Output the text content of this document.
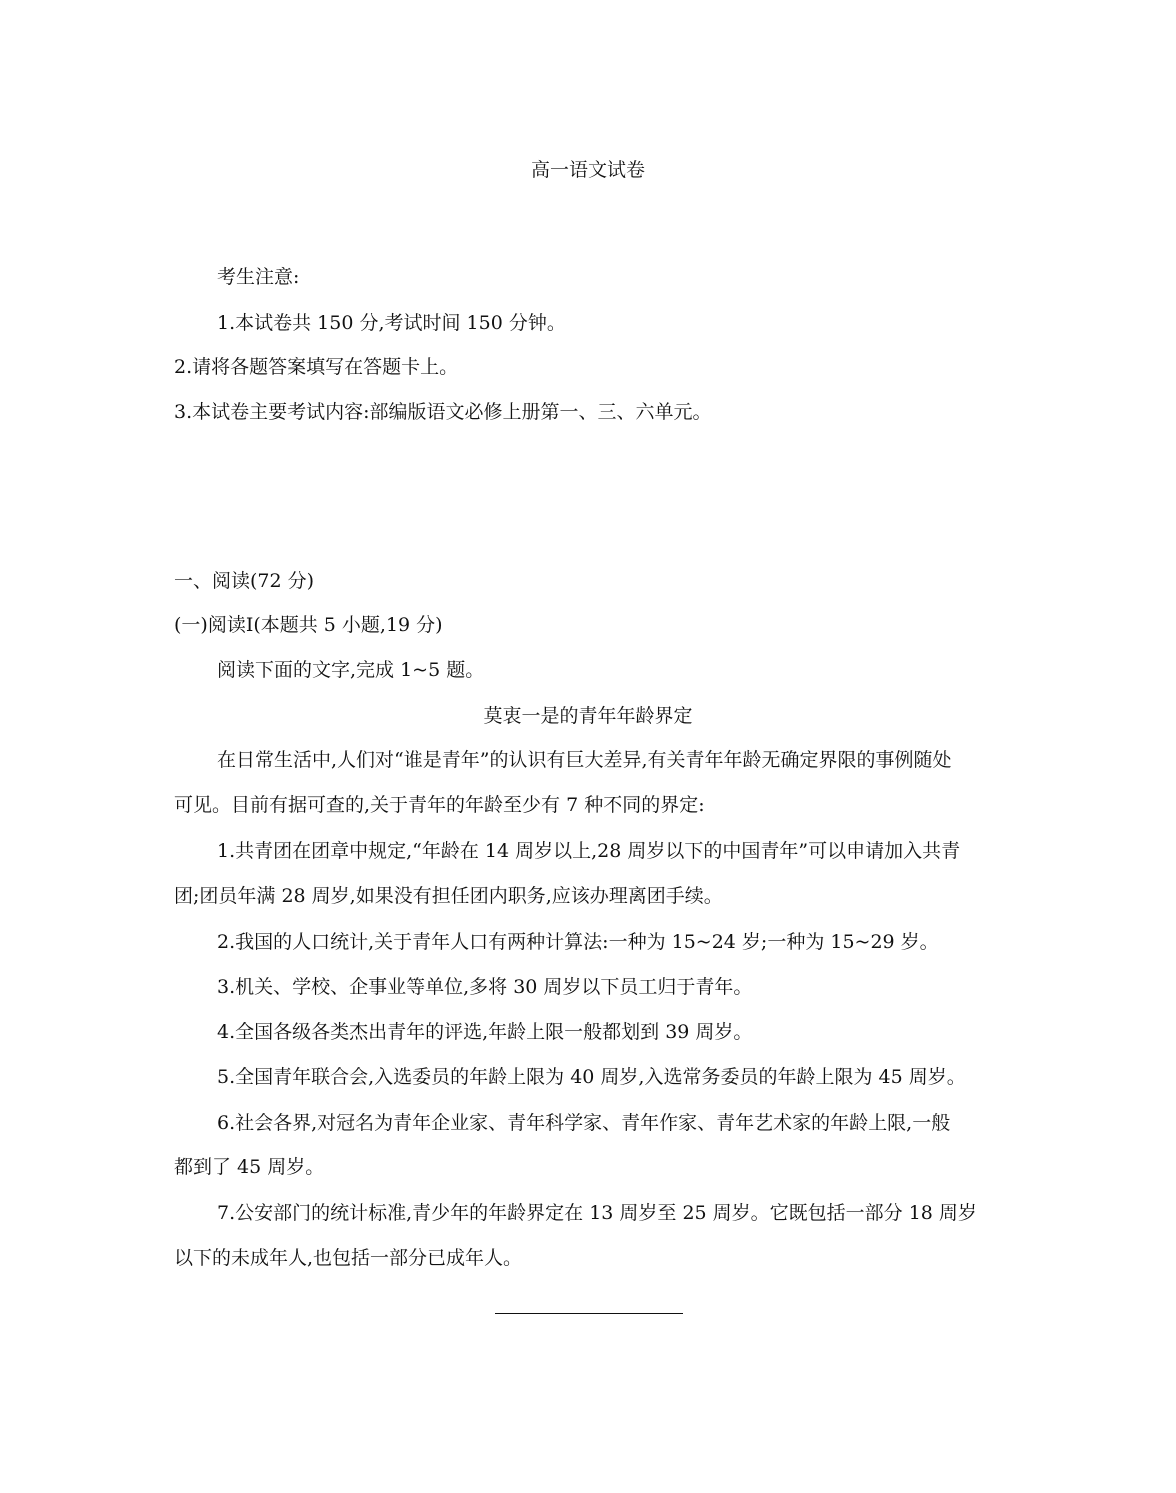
高一语文试卷
考生注意:
1.本试卷共 150 分,考试时间 150 分钟。
2.请将各题答案填写在答题卡上。
3.本试卷主要考试内容:部编版语文必修上册第一、三、六单元。
一、阅读(72 分)
(一)阅读I(本题共 5 小题,19 分)
阅读下面的文字,完成 1~5 题。
莫衷一是的青年年龄界定
在日常生活中,人们对“谁是青年”的认识有巨大差异,有关青年年龄无确定界限的事例随处
可见。目前有据可查的,关于青年的年龄至少有 7 种不同的界定:
1.共青团在团章中规定,“年龄在 14 周岁以上,28 周岁以下的中国青年”可以申请加入共青
团;团员年满 28 周岁,如果没有担任团内职务,应该办理离团手续。
2.我国的人口统计,关于青年人口有两种计算法:一种为 15~24 岁;一种为 15~29 岁。
3.机关、学校、企事业等单位,多将 30 周岁以下员工归于青年。
4.全国各级各类杰出青年的评选,年龄上限一般都划到 39 周岁。
5.全国青年联合会,入选委员的年龄上限为 40 周岁,入选常务委员的年龄上限为 45 周岁。
6.社会各界,对冠名为青年企业家、青年科学家、青年作家、青年艺术家的年龄上限,一般
都到了 45 周岁。
7.公安部门的统计标准,青少年的年龄界定在 13 周岁至 25 周岁。它既包括一部分 18 周岁
以下的未成年人,也包括一部分已成年人。
